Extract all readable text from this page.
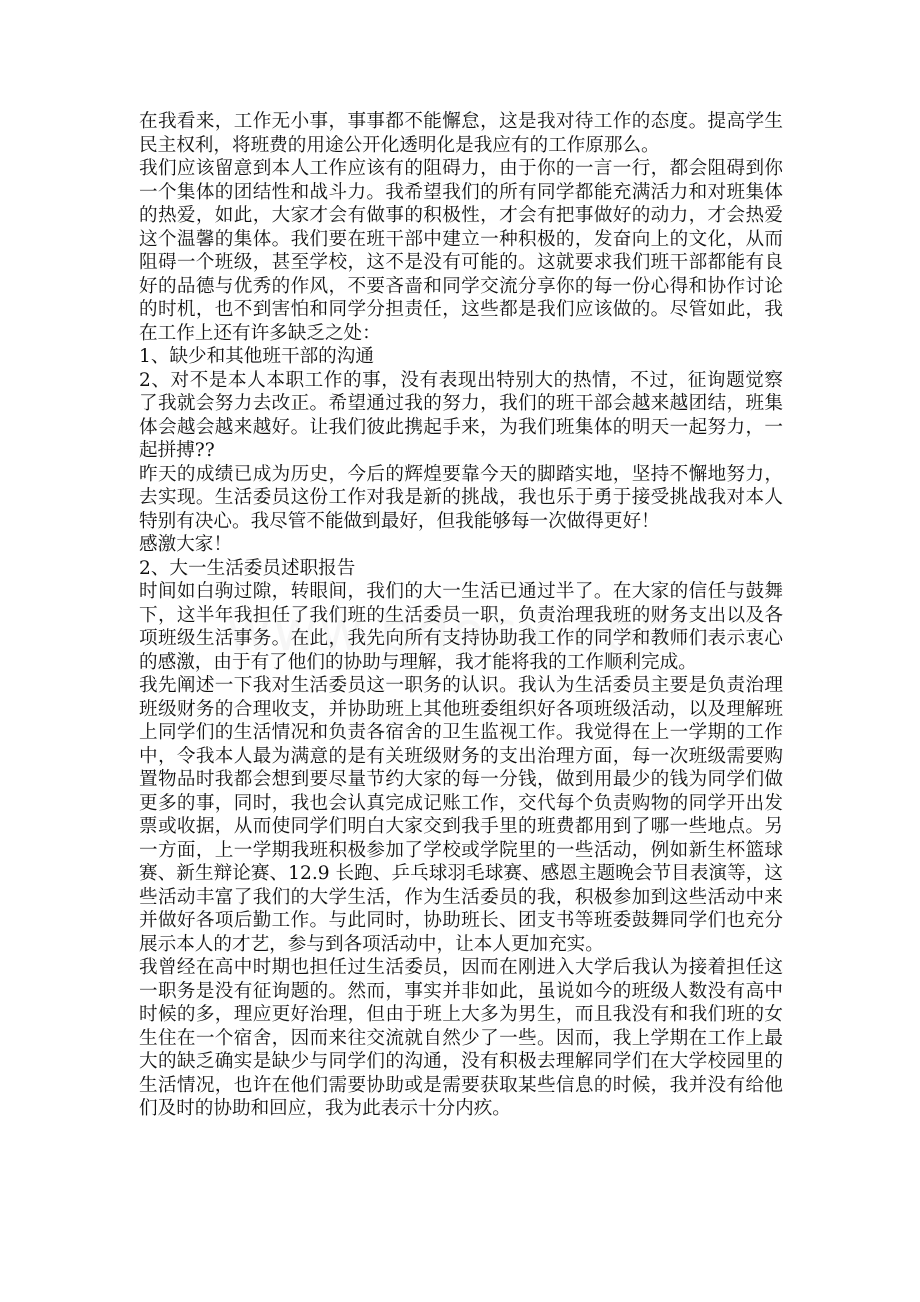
在我看来，工作无小事，事事都不能懈怠，这是我对待工作的态度。提高学生民主权利，将班费的用途公开化透明化是我应有的工作原那么。

我们应该留意到本人工作应该有的阻碍力，由于你的一言一行，都会阻碍到你一个集体的团结性和战斗力。我希望我们的所有同学都能充满活力和对班集体的热爱，如此，大家才会有做事的积极性，才会有把事做好的动力，才会热爱这个温馨的集体。我们要在班干部中建立一种积极的，发奋向上的文化，从而阻碍一个班级，甚至学校，这不是没有可能的。这就要求我们班干部都能有良好的品德与优秀的作风，不要吝啬和同学交流分享你的每一份心得和协作讨论的时机，也不到害怕和同学分担责任，这些都是我们应该做的。尽管如此，我在工作上还有许多缺乏之处：

1、缺少和其他班干部的沟通

2、对不是本人本职工作的事，没有表现出特别大的热情，不过，征询题觉察了我就会努力去改正。希望通过我的努力，我们的班干部会越来越团结，班集体会越会越来越好。让我们彼此携起手来，为我们班集体的明天一起努力，一起拼搏??

昨天的成绩已成为历史，今后的辉煌要靠今天的脚踏实地，坚持不懈地努力，去实现。生活委员这份工作对我是新的挑战，我也乐于勇于接受挑战我对本人特别有决心。我尽管不能做到最好，但我能够每一次做得更好！

感激大家！

2、大一生活委员述职报告

时间如白驹过隙，转眼间，我们的大一生活已通过半了。在大家的信任与鼓舞下，这半年我担任了我们班的生活委员一职，负责治理我班的财务支出以及各项班级生活事务。在此，我先向所有支持协助我工作的同学和教师们表示衷心的感激，由于有了他们的协助与理解，我才能将我的工作顺利完成。

我先阐述一下我对生活委员这一职务的认识。我认为生活委员主要是负责治理班级财务的合理收支，并协助班上其他班委组织好各项班级活动，以及理解班上同学们的生活情况和负责各宿舍的卫生监视工作。我觉得在上一学期的工作中，令我本人最为满意的是有关班级财务的支出治理方面，每一次班级需要购置物品时我都会想到要尽量节约大家的每一分钱，做到用最少的钱为同学们做更多的事，同时，我也会认真完成记账工作，交代每个负责购物的同学开出发票或收据，从而使同学们明白大家交到我手里的班费都用到了哪一些地点。另一方面，上一学期我班积极参加了学校或学院里的一些活动，例如新生杯篮球赛、新生辩论赛、12.9 长跑、乒乓球羽毛球赛、感恩主题晚会节目表演等，这些活动丰富了我们的大学生活，作为生活委员的我，积极参加到这些活动中来并做好各项后勤工作。与此同时，协助班长、团支书等班委鼓舞同学们也充分展示本人的才艺，参与到各项活动中，让本人更加充实。

我曾经在高中时期也担任过生活委员，因而在刚进入大学后我认为接着担任这一职务是没有征询题的。然而，事实并非如此，虽说如今的班级人数没有高中时候的多，理应更好治理，但由于班上大多为男生，而且我没有和我们班的女生住在一个宿舍，因而来往交流就自然少了一些。因而，我上学期在工作上最大的缺乏确实是缺少与同学们的沟通，没有积极去理解同学们在大学校园里的生活情况，也许在他们需要协助或是需要获取某些信息的时候，我并没有给他们及时的协助和回应，我为此表示十分内疚。
